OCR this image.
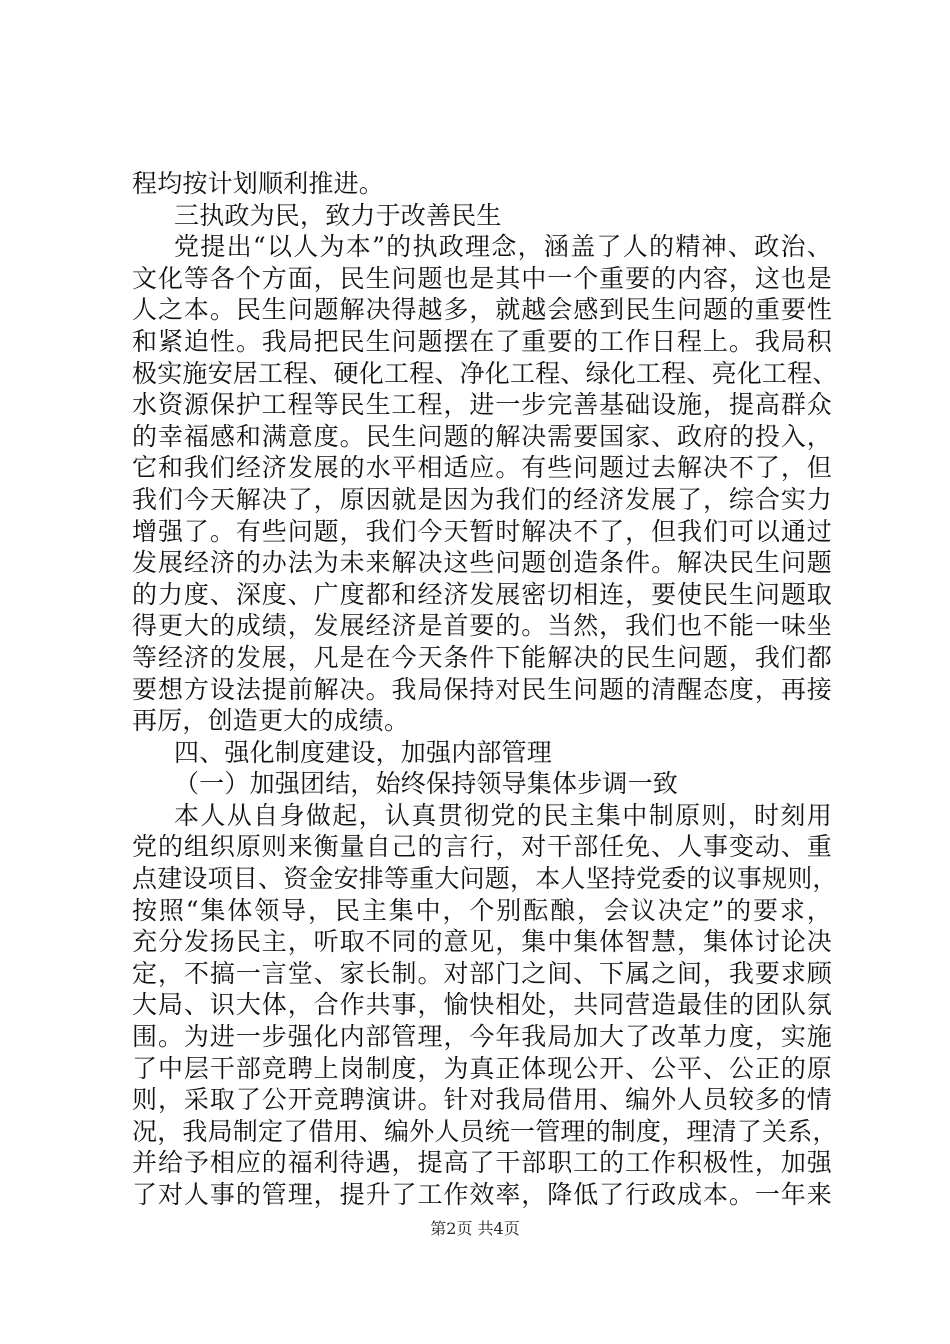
程均按计划顺利推进。
三执政为民，致力于改善民生
党提出“以人为本”的执政理念，涵盖了人的精神、政治、
文化等各个方面，民生问题也是其中一个重要的内容，这也是
人之本。民生问题解决得越多，就越会感到民生问题的重要性
和紧迫性。我局把民生问题摆在了重要的工作日程上。我局积
极实施安居工程、硬化工程、净化工程、绿化工程、亮化工程、
水资源保护工程等民生工程，进一步完善基础设施，提高群众
的幸福感和满意度。民生问题的解决需要国家、政府的投入，
它和我们经济发展的水平相适应。有些问题过去解决不了，但
我们今天解决了，原因就是因为我们的经济发展了，综合实力
增强了。有些问题，我们今天暂时解决不了，但我们可以通过
发展经济的办法为未来解决这些问题创造条件。解决民生问题
的力度、深度、广度都和经济发展密切相连，要使民生问题取
得更大的成绩，发展经济是首要的。当然，我们也不能一味坐
等经济的发展，凡是在今天条件下能解决的民生问题，我们都
要想方设法提前解决。我局保持对民生问题的清醒态度，再接
再厉，创造更大的成绩。
四、强化制度建设，加强内部管理
（一）加强团结，始终保持领导集体步调一致
本人从自身做起，认真贯彻党的民主集中制原则，时刻用
党的组织原则来衡量自己的言行，对干部任免、人事变动、重
点建设项目、资金安排等重大问题，本人坚持党委的议事规则，
按照“集体领导，民主集中，个别酝酿，会议决定”的要求，
充分发扬民主，听取不同的意见，集中集体智慧，集体讨论决
定，不搞一言堂、家长制。对部门之间、下属之间，我要求顾
大局、识大体，合作共事，愉快相处，共同营造最佳的团队氛
围。为进一步强化内部管理，今年我局加大了改革力度，实施
了中层干部竞聘上岗制度，为真正体现公开、公平、公正的原
则，采取了公开竞聘演讲。针对我局借用、编外人员较多的情
况，我局制定了借用、编外人员统一管理的制度，理清了关系，
并给予相应的福利待遇，提高了干部职工的工作积极性，加强
了对人事的管理，提升了工作效率，降低了行政成本。一年来
第2页 共4页
